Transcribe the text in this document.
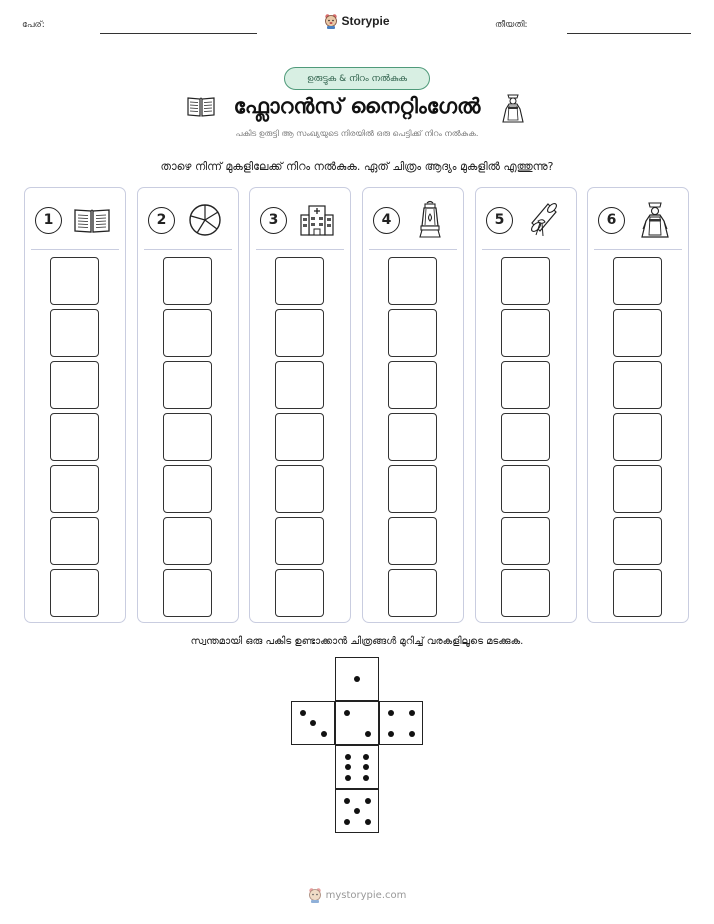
പേര്:	Storypie	തീയതി:
ഉരുട്ടുക & നിറം നൽകുക
ഫ്ലോറൻസ് നൈറ്റിംഗേൽ
പകിട ഉരുട്ടി ആ സംഖ്യയുടെ നിരയിൽ ഒരു പെട്ടിക്ക് നിറം നൽകുക.
താഴെ നിന്ന് മുകളിലേക്ക് നിറം നൽകുക. ഏത് ചിത്രം ആദ്യം മുകളിൽ എത്തുന്നു?
1	2	3	4	5	6
സ്വന്തമായി ഒരു പകിട ഉണ്ടാക്കാൻ ചിത്രങ്ങൾ മുറിച്ച് വരകളിലൂടെ മടക്കുക.
mystorypie.com
